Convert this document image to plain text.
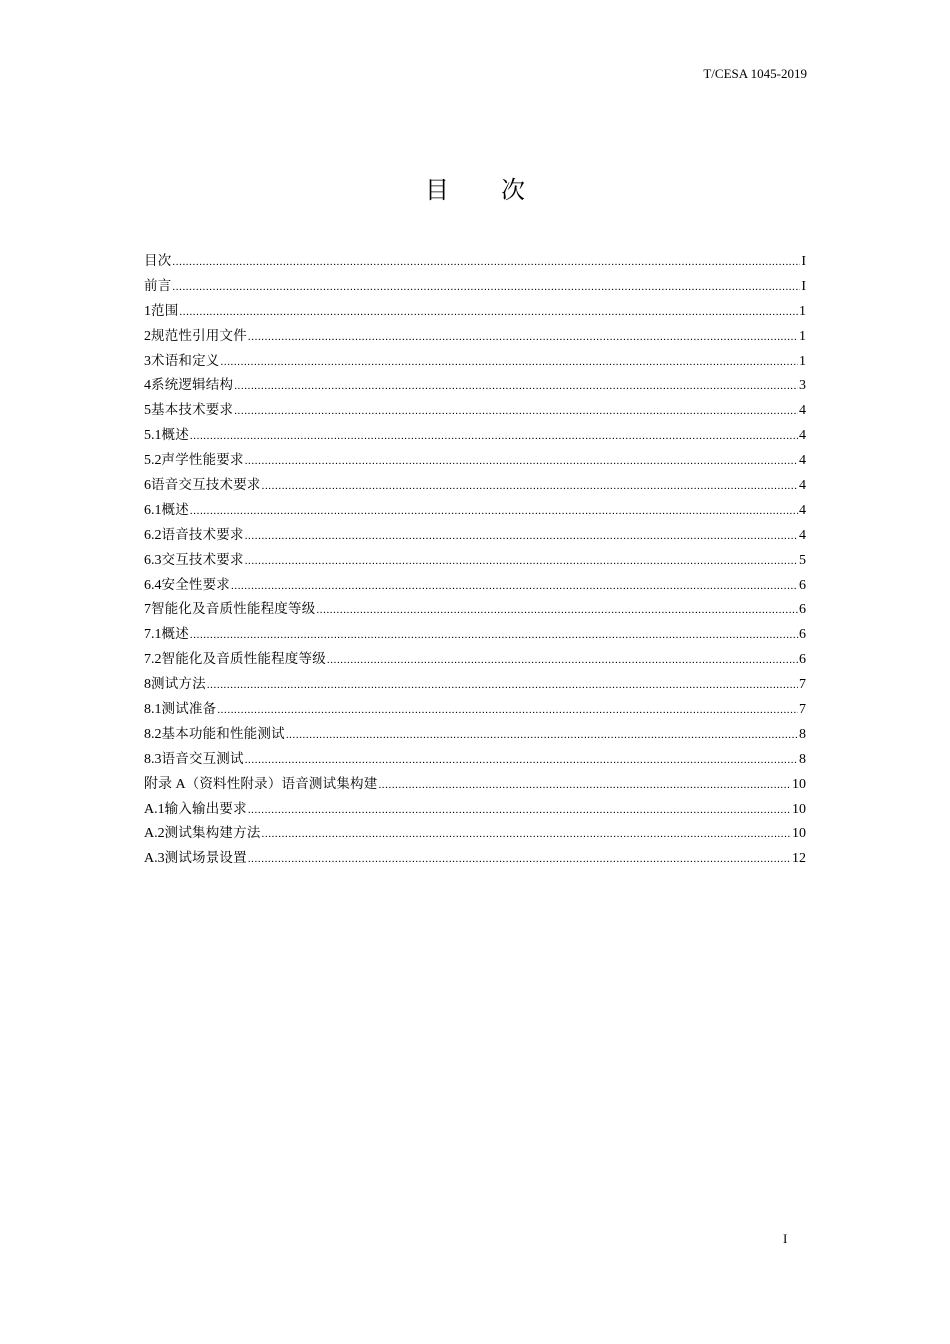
T/CESA 1045-2019
目 次
目次 .....	I
前言 .....	I
1 范围 .....	1
2 规范性引用文件 .....	1
3 术语和定义 .....	1
4 系统逻辑结构 .....	3
5 基本技术要求 .....	4
5.1 概述 .....	4
5.2 声学性能要求 .....	4
6 语音交互技术要求 .....	4
6.1 概述 .....	4
6.2 语音技术要求 .....	4
6.3 交互技术要求 .....	5
6.4 安全性要求 .....	6
7 智能化及音质性能程度等级 .....	6
7.1 概述 .....	6
7.2 智能化及音质性能程度等级 .....	6
8 测试方法 .....	7
8.1 测试准备 .....	7
8.2 基本功能和性能测试 .....	8
8.3 语音交互测试 .....	8
附录 A （资料性附录）语音测试集构建 .....	10
A.1 输入输出要求 .....	10
A.2 测试集构建方法 .....	10
A.3 测试场景设置 .....	12
I
